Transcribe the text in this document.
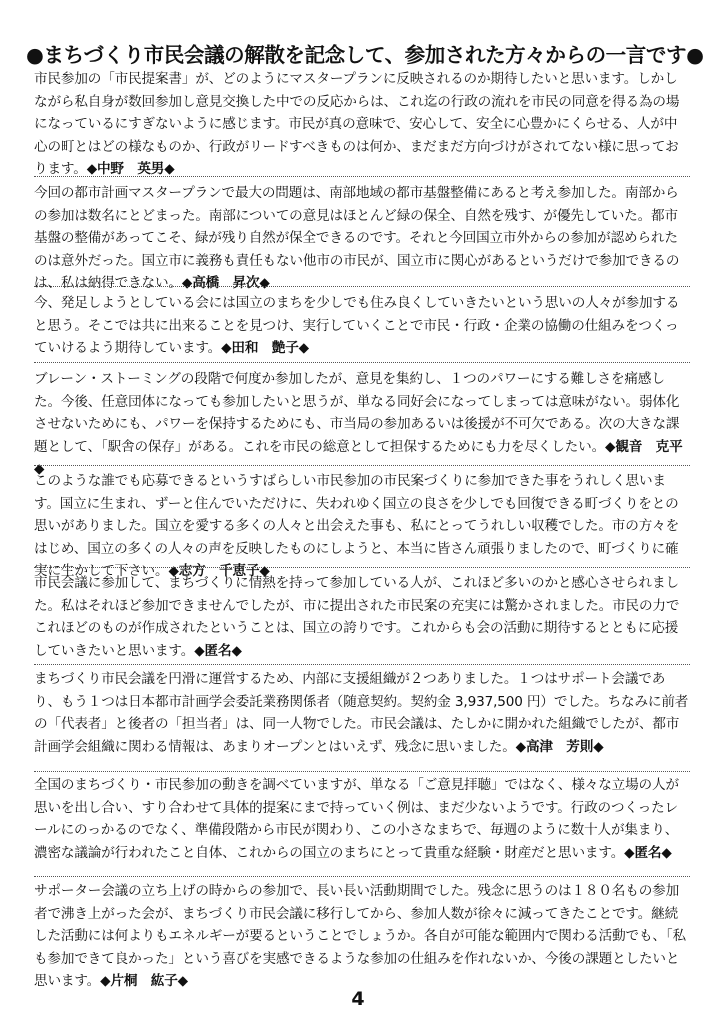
●まちづくり市民会議の解散を記念して、参加された方々からの一言です●
市民参加の「市民提案書」が、どのようにマスタープランに反映されるのか期待したいと思います。しかしながら私自身が数回参加し意見交換した中での反応からは、これ迄の行政の流れを市民の同意を得る為の場になっているにすぎないように感じます。市民が真の意味で、安心して、安全に心豊かにくらせる、人が中心の町とはどの様なものか、行政がリードすべきものは何か、まだまだ方向づけがされてない様に思っております。◆中野　英男◆
今回の都市計画マスタープランで最大の問題は、南部地域の都市基盤整備にあると考え参加した。南部からの参加は数名にとどまった。南部についての意見はほとんど緑の保全、自然を残す、が優先していた。都市基盤の整備があってこそ、緑が残り自然が保全できるのです。それと今回国立市外からの参加が認められたのは意外だった。国立市に義務も責任もない他市の市民が、国立市に関心があるというだけで参加できるのは、私は納得できない。◆高橋　昇次◆
今、発足しようとしている会には国立のまちを少しでも住み良くしていきたいという思いの人々が参加すると思う。そこでは共に出来ることを見つけ、実行していくことで市民・行政・企業の協働の仕組みをつくっていけるよう期待しています。◆田和　艶子◆
ブレーン・ストーミングの段階で何度か参加したが、意見を集約し、１つのパワーにする難しさを痛感した。今後、任意団体になっても参加したいと思うが、単なる同好会になってしまっては意味がない。弱体化させないためにも、パワーを保持するためにも、市当局の参加あるいは後援が不可欠である。次の大きな課題として、「駅舎の保存」がある。これを市民の総意として担保するためにも力を尽くしたい。◆観音　克平◆
このような誰でも応募できるというすばらしい市民参加の市民案づくりに参加できた事をうれしく思います。国立に生まれ、ずーと住んでいただけに、失われゆく国立の良さを少しでも回復できる町づくりをとの思いがありました。国立を愛する多くの人々と出会えた事も、私にとってうれしい収穫でした。市の方々をはじめ、国立の多くの人々の声を反映したものにしようと、本当に皆さん頑張りましたので、町づくりに確実に生かして下さい。◆志方　千恵子◆
市民会議に参加して、まちづくりに情熱を持って参加している人が、これほど多いのかと感心させられました。私はそれほど参加できませんでしたが、市に提出された市民案の充実には驚かされました。市民の力でこれほどのものが作成されたということは、国立の誇りです。これからも会の活動に期待するとともに応援していきたいと思います。◆匿名◆
まちづくり市民会議を円滑に運営するため、内部に支援組織が２つありました。１つはサポート会議であり、もう１つは日本都市計画学会委託業務関係者（随意契約。契約金 3,937,500 円）でした。ちなみに前者の「代表者」と後者の「担当者」は、同一人物でした。市民会議は、たしかに開かれた組織でしたが、都市計画学会組織に関わる情報は、あまりオープンとはいえず、残念に思いました。◆高津　芳則◆
全国のまちづくり・市民参加の動きを調べていますが、単なる「ご意見拝聴」ではなく、様々な立場の人が思いを出し合い、すり合わせて具体的提案にまで持っていく例は、まだ少ないようです。行政のつくったレールにのっかるのでなく、準備段階から市民が関わり、この小さなまちで、毎週のように数十人が集まり、濃密な議論が行われたこと自体、これからの国立のまちにとって貴重な経験・財産だと思います。◆匿名◆
サポーター会議の立ち上げの時からの参加で、長い長い活動期間でした。残念に思うのは１８０名もの参加者で沸き上がった会が、まちづくり市民会議に移行してから、参加人数が徐々に減ってきたことです。継続した活動には何よりもエネルギーが要るということでしょうか。各自が可能な範囲内で関わる活動でも、「私も参加できて良かった」という喜びを実感できるような参加の仕組みを作れないか、今後の課題としたいと思います。◆片桐　紘子◆
4
